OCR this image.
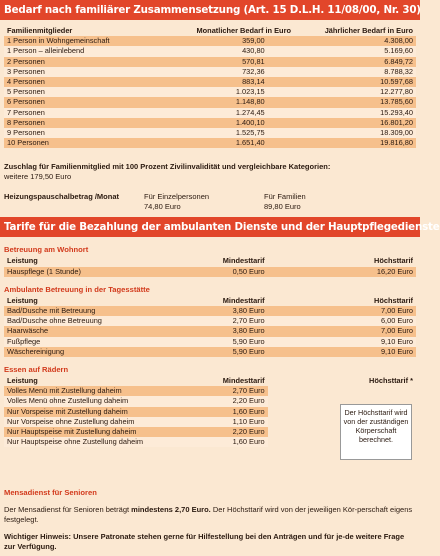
Bedarf nach familiärer Zusammensetzung (Art. 15 D.L.H. 11/08/00, Nr. 30)
Familienmitglieder	Monatlicher Bedarf in Euro	Jährlicher Bedarf in Euro
1 Person in Wohngemeinschaft	359,00	4.308,00
1 Person – alleinlebend	430,80	5.169,60
2 Personen	570,81	6.849,72
3 Personen	732,36	8.788,32
4 Personen	883,14	10.597,68
5 Personen	1.023,15	12.277,80
6 Personen	1.148,80	13.785,60
7 Personen	1.274,45	15.293,40
8 Personen	1.400,10	16.801,20
9 Personen	1.525,75	18.309,00
10 Personen	1.651,40	19.816,80
Zuschlag für Familienmitglied mit 100 Prozent Zivilinvalidität und vergleichbare Kategorien:
weitere 179,50 Euro
Heizungspauschalbetrag /Monat	Für Einzelpersonen
74,80 Euro
Für Familien
89,80 Euro
Tarife für die Bezahlung der ambulanten Dienste und der Hauptpflegedienste
Betreuung am Wohnort
Leistung	Mindesttarif	Höchsttarif
Hauspflege (1 Stunde)	0,50 Euro	16,20 Euro
Ambulante Betreuung in der Tagesstätte
Leistung	Mindesttarif	Höchsttarif
Bad/Dusche mit Betreuung	3,80 Euro	7,00 Euro
Bad/Dusche ohne Betreuung	2,70 Euro	6,00 Euro
Haarwäsche	3,80 Euro	7,00 Euro
Fußpflege	5,90 Euro	9,10 Euro
Wäschereinigung	5,90 Euro	9,10 Euro
Essen auf Rädern
Leistung	Mindesttarif	Höchsttarif *
Volles Menü mit Zustellung daheim	2,70 Euro	
Volles Menü ohne Zustellung daheim	2,20 Euro	
Nur Vorspeise mit Zustellung daheim	1,60 Euro	
Nur Vorspeise ohne Zustellung daheim	1,10 Euro	
Nur Hauptspeise mit Zustellung daheim	2,20 Euro	
Nur Hauptspeise ohne Zustellung daheim	1,60 Euro	
Der Höchsttarif wird von der zuständigen Körperschaft berechnet.
Mensadienst für Senioren
Der Mensadienst für Senioren beträgt mindestens 2,70 Euro. Der Höchsttarif wird von der jeweiligen Kör-perschaft eigens festgelegt.
Wichtiger Hinweis: Unsere Patronate stehen gerne für Hilfestellung bei den Anträgen und für je-de weitere Frage zur Verfügung.
